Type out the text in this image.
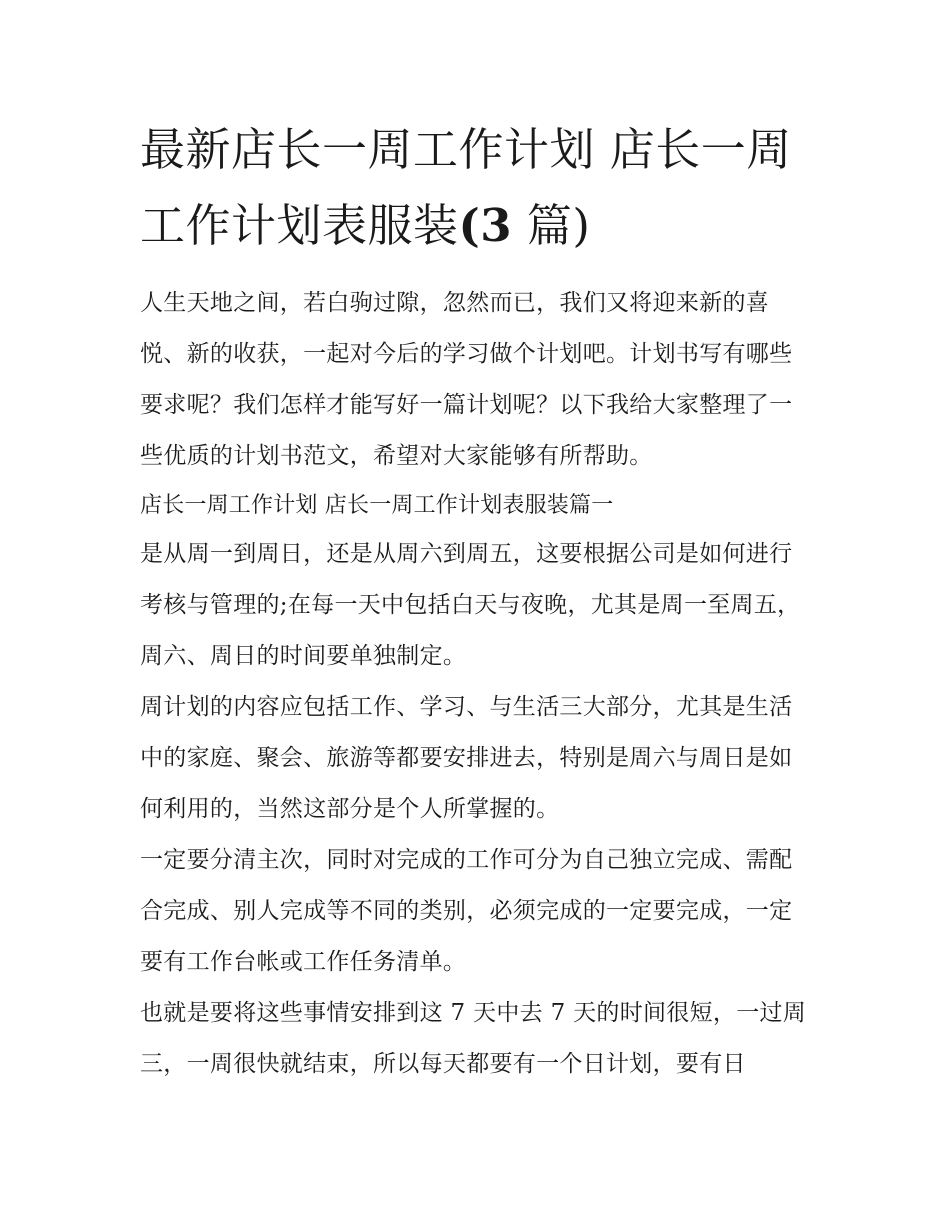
最新店长一周工作计划 店长一周工作计划表服装(3 篇)

人生天地之间，若白驹过隙，忽然而已，我们又将迎来新的喜悦、新的收获，一起对今后的学习做个计划吧。计划书写有哪些要求呢？我们怎样才能写好一篇计划呢？以下我给大家整理了一些优质的计划书范文，希望对大家能够有所帮助。

店长一周工作计划 店长一周工作计划表服装篇一

是从周一到周日，还是从周六到周五，这要根据公司是如何进行考核与管理的;在每一天中包括白天与夜晚，尤其是周一至周五，周六、周日的时间要单独制定。

周计划的内容应包括工作、学习、与生活三大部分，尤其是生活中的家庭、聚会、旅游等都要安排进去，特别是周六与周日是如何利用的，当然这部分是个人所掌握的。

一定要分清主次，同时对完成的工作可分为自己独立完成、需配合完成、别人完成等不同的类别，必须完成的一定要完成，一定要有工作台帐或工作任务清单。

也就是要将这些事情安排到这 7 天中去 7 天的时间很短，一过周三，一周很快就结束，所以每天都要有一个日计划，要有日
